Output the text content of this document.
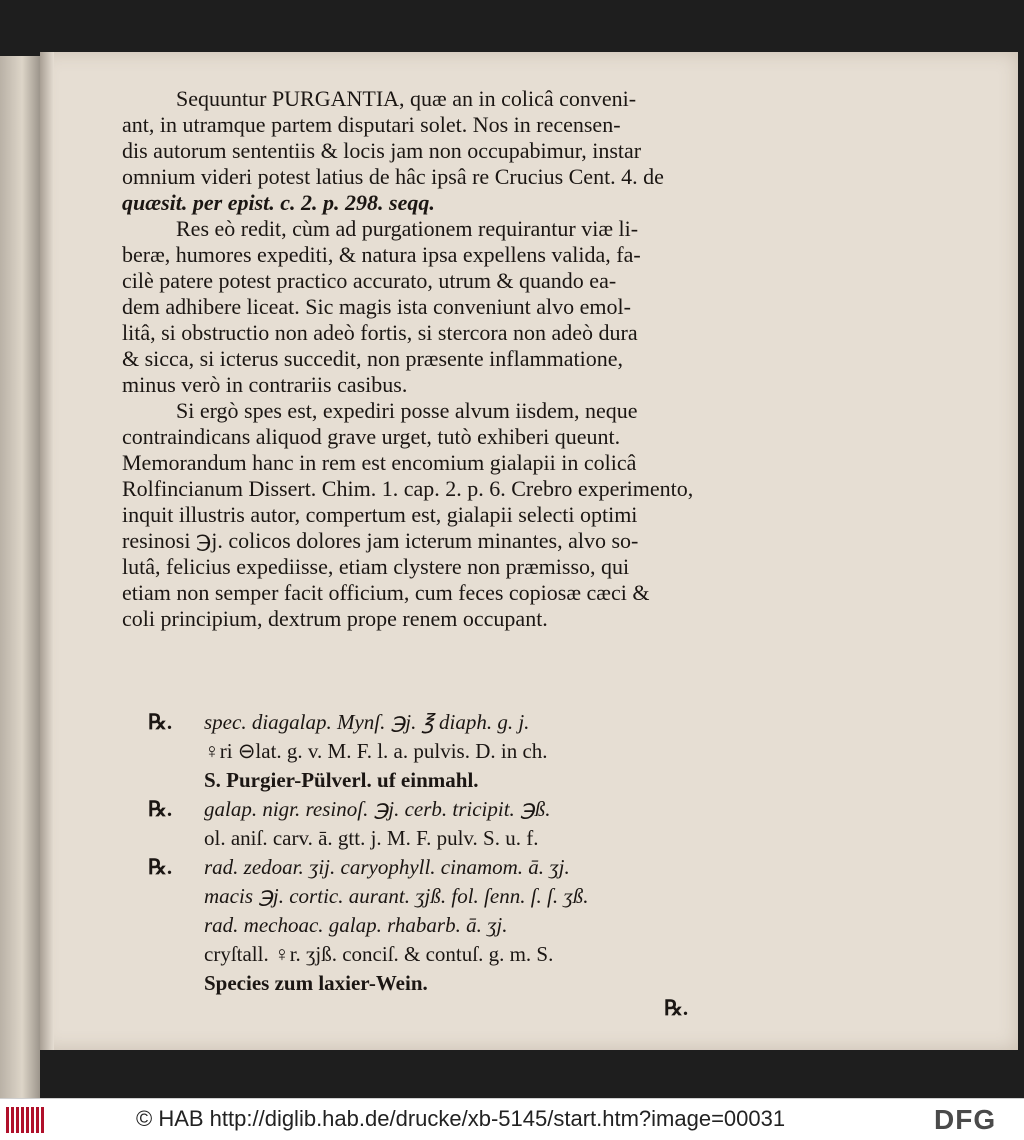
Sequuntur PURGANTIA, quæ an in colicâ conveni-
ant, in utramque partem disputari solet. Nos in recensen-
dis autorum sententiis & locis jam non occupabimur, instar
omnium videri potest latius de hâc ipsâ re Crucius Cent. 4. de
quæsit. per epist. c. 2. p. 298. seqq.
Res eò redit, cùm ad purgationem requirantur viæ li-
beræ, humores expediti, & natura ipsa expellens valida, fa-
cilè patere potest practico accurato, utrum & quando ea-
dem adhibere liceat. Sic magis ista conveniunt alvo emol-
litâ, si obstructio non adeò fortis, si stercora non adeò dura
& sicca, si icterus succedit, non præsente inflammatione,
minus verò in contrariis casibus.
Si ergò spes est, expediri posse alvum iisdem, neque
contraindicans aliquod grave urget, tutò exhiberi queunt.
Memorandum hanc in rem est encomium gialapii in colicâ
Rolfincianum Dissert. Chim. 1. cap. 2. p. 6. Crebro experimento,
inquit illustris autor, compertum est, gialapii selecti optimi
resinosi ℈j. colicos dolores jam icterum minantes, alvo so-
lutâ, felicius expediisse, etiam clystere non præmisso, qui
etiam non semper facit officium, cum feces copiosæ cæci &
coli principium, dextrum prope renem occupant.
℞. spec. diagalap. Mynſ. ℈j. ℥ diaph. g. j.
♀ri ⊖lat. g. v. M. F. l. a. pulvis. D. in ch.
S. Purgier-Pülverl. uf einmahl.
℞. galap. nigr. resinoſ. ℈j. cerb. tricipit. ℈ß.
ol. aniſ. carv. ā. gtt. j. M. F. pulv. S. u. f.
℞. rad. zedoar. ʒij. caryophyll. cinamom. ā. ʒj.
macis ℈j. cortic. aurant. ʒjß. fol. ſenn. ſ. ſ. ʒß.
rad. mechoac. galap. rhabarb. ā. ʒj.
cryſtall. ♀r. ʒjß. conciſ. & contuſ. g. m. S.
Species zum laxier-Wein.
℞.
© HAB http://diglib.hab.de/drucke/xb-5145/start.htm?image=00031	DFG
